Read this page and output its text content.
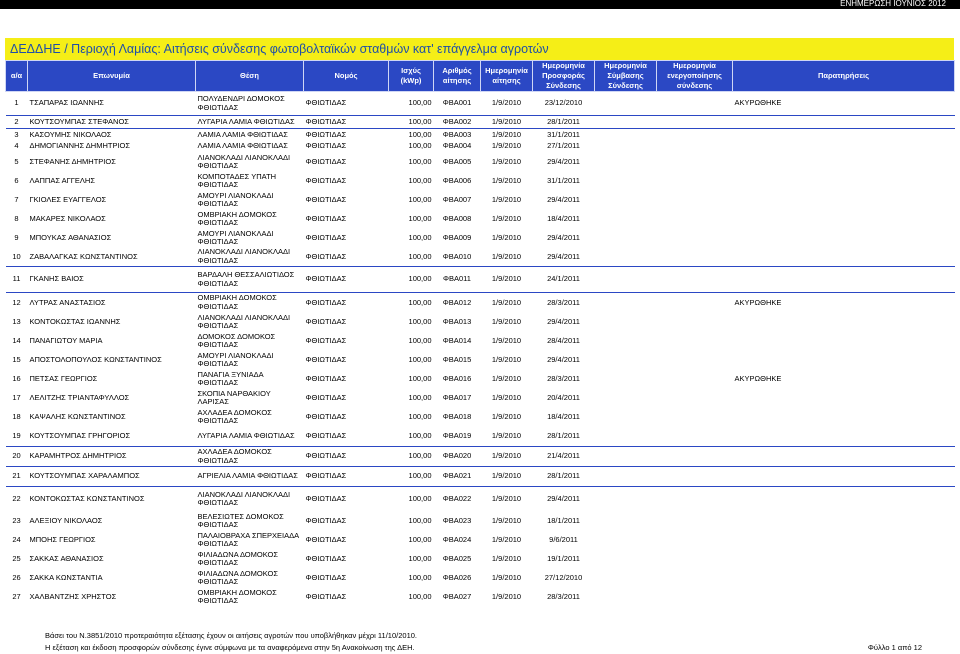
ΕΝΗΜΕΡΩΣΗ ΙΟΥΝΙΟΣ 2012
ΔΕΔΔΗΕ / Περιοχή Λαμίας: Αιτήσεις σύνδεσης φωτοβολταϊκών σταθμών κατ' επάγγελμα αγροτών
α/α	Επωνυμία	Θέση	Νομός	Ισχύς (kWp)	Αριθμός αίτησης	Ημερομηνία αίτησης	Ημερομηνία Προσφοράς Σύνδεσης	Ημερομηνία Σύμβασης Σύνδεσης	Ημερομηνία ενεργοποίησης σύνδεσης	Παρατηρήσεις
1	ΤΣΑΠΑΡΑΣ ΙΩΑΝΝΗΣ	ΠΟΛΥΔΕΝΔΡΙ ΔΟΜΟΚΟΣ ΦΘΙΩΤΙΔΑΣ	ΦΘΙΩΤΙΔΑΣ	100,00	ΦΒΑ001	1/9/2010	23/12/2010			ΑΚΥΡΩΘΗΚΕ
2	ΚΟΥΤΣΟΥΜΠΑΣ ΣΤΕΦΑΝΟΣ	ΛΥΓΑΡΙΑ ΛΑΜΙΑ ΦΘΙΩΤΙΔΑΣ	ΦΘΙΩΤΙΔΑΣ	100,00	ΦΒΑ002	1/9/2010	28/1/2011			
3	ΚΑΣΟΥΜΗΣ ΝΙΚΟΛΑΟΣ	ΛΑΜΙΑ ΛΑΜΙΑ ΦΘΙΩΤΙΔΑΣ	ΦΘΙΩΤΙΔΑΣ	100,00	ΦΒΑ003	1/9/2010	31/1/2011			
4	ΔΗΜΟΓΙΑΝΝΗΣ ΔΗΜΗΤΡΙΟΣ	ΛΑΜΙΑ ΛΑΜΙΑ ΦΘΙΩΤΙΔΑΣ	ΦΘΙΩΤΙΔΑΣ	100,00	ΦΒΑ004	1/9/2010	27/1/2011			
5	ΣΤΕΦΑΝΗΣ ΔΗΜΗΤΡΙΟΣ	ΛΙΑΝΟΚΛΑΔΙ ΛΙΑΝΟΚΛΑΔΙ ΦΘΙΩΤΙΔΑΣ	ΦΘΙΩΤΙΔΑΣ	100,00	ΦΒΑ005	1/9/2010	29/4/2011			
6	ΛΑΠΠΑΣ ΑΓΓΕΛΗΣ	ΚΟΜΠΟΤΑΔΕΣ ΥΠΑΤΗ ΦΘΙΩΤΙΔΑΣ	ΦΘΙΩΤΙΔΑΣ	100,00	ΦΒΑ006	1/9/2010	31/1/2011			
7	ΓΚΙΟΛΕΣ ΕΥΑΓΓΕΛΟΣ	ΑΜΟΥΡΙ ΛΙΑΝΟΚΛΑΔΙ ΦΘΙΩΤΙΔΑΣ	ΦΘΙΩΤΙΔΑΣ	100,00	ΦΒΑ007	1/9/2010	29/4/2011			
8	ΜΑΚΑΡΕΣ ΝΙΚΟΛΑΟΣ	ΟΜΒΡΙΑΚΗ ΔΟΜΟΚΟΣ ΦΘΙΩΤΙΔΑΣ	ΦΘΙΩΤΙΔΑΣ	100,00	ΦΒΑ008	1/9/2010	18/4/2011			
9	ΜΠΟΥΚΑΣ ΑΘΑΝΑΣΙΟΣ	ΑΜΟΥΡΙ ΛΙΑΝΟΚΛΑΔΙ ΦΘΙΩΤΙΔΑΣ	ΦΘΙΩΤΙΔΑΣ	100,00	ΦΒΑ009	1/9/2010	29/4/2011			
10	ΖΑΒΑΛΑΓΚΑΣ ΚΩΝΣΤΑΝΤΙΝΟΣ	ΛΙΑΝΟΚΛΑΔΙ ΛΙΑΝΟΚΛΑΔΙ ΦΘΙΩΤΙΔΑΣ	ΦΘΙΩΤΙΔΑΣ	100,00	ΦΒΑ010	1/9/2010	29/4/2011			
11	ΓΚΑΝΗΣ ΒΑΙΟΣ	ΒΑΡΔΑΛΗ ΘΕΣΣΑΛΙΩΤΙΔΟΣ ΦΘΙΩΤΙΔΑΣ	ΦΘΙΩΤΙΔΑΣ	100,00	ΦΒΑ011	1/9/2010	24/1/2011			
12	ΛΥΤΡΑΣ ΑΝΑΣΤΑΣΙΟΣ	ΟΜΒΡΙΑΚΗ ΔΟΜΟΚΟΣ ΦΘΙΩΤΙΔΑΣ	ΦΘΙΩΤΙΔΑΣ	100,00	ΦΒΑ012	1/9/2010	28/3/2011			ΑΚΥΡΩΘΗΚΕ
13	ΚΟΝΤΟΚΩΣΤΑΣ ΙΩΑΝΝΗΣ	ΛΙΑΝΟΚΛΑΔΙ ΛΙΑΝΟΚΛΑΔΙ ΦΘΙΩΤΙΔΑΣ	ΦΘΙΩΤΙΔΑΣ	100,00	ΦΒΑ013	1/9/2010	29/4/2011			
14	ΠΑΝΑΓΙΩΤΟΥ ΜΑΡΙΑ	ΔΟΜΟΚΟΣ ΔΟΜΟΚΟΣ ΦΘΙΩΤΙΔΑΣ	ΦΘΙΩΤΙΔΑΣ	100,00	ΦΒΑ014	1/9/2010	28/4/2011			
15	ΑΠΟΣΤΟΛΟΠΟΥΛΟΣ ΚΩΝΣΤΑΝΤΙΝΟΣ	ΑΜΟΥΡΙ ΛΙΑΝΟΚΛΑΔΙ ΦΘΙΩΤΙΔΑΣ	ΦΘΙΩΤΙΔΑΣ	100,00	ΦΒΑ015	1/9/2010	29/4/2011			
16	ΠΕΤΣΑΣ ΓΕΩΡΓΙΟΣ	ΠΑΝΑΓΙΑ ΞΥΝΙΑΔΑ ΦΘΙΩΤΙΔΑΣ	ΦΘΙΩΤΙΔΑΣ	100,00	ΦΒΑ016	1/9/2010	28/3/2011			ΑΚΥΡΩΘΗΚΕ
17	ΛΕΛΙΤΖΗΣ ΤΡΙΑΝΤΑΦΥΛΛΟΣ	ΣΚΟΠΙΑ ΝΑΡΘΑΚΙΟΥ ΛΑΡΙΣΑΣ	ΦΘΙΩΤΙΔΑΣ	100,00	ΦΒΑ017	1/9/2010	20/4/2011			
18	ΚΑΨΑΛΗΣ ΚΩΝΣΤΑΝΤΙΝΟΣ	ΑΧΛΑΔΕΑ ΔΟΜΟΚΟΣ ΦΘΙΩΤΙΔΑΣ	ΦΘΙΩΤΙΔΑΣ	100,00	ΦΒΑ018	1/9/2010	18/4/2011			
19	ΚΟΥΤΣΟΥΜΠΑΣ ΓΡΗΓΟΡΙΟΣ	ΛΥΓΑΡΙΑ ΛΑΜΙΑ ΦΘΙΩΤΙΔΑΣ	ΦΘΙΩΤΙΔΑΣ	100,00	ΦΒΑ019	1/9/2010	28/1/2011			
20	ΚΑΡΑΜΗΤΡΟΣ ΔΗΜΗΤΡΙΟΣ	ΑΧΛΑΔΕΑ ΔΟΜΟΚΟΣ ΦΘΙΩΤΙΔΑΣ	ΦΘΙΩΤΙΔΑΣ	100,00	ΦΒΑ020	1/9/2010	21/4/2011			
21	ΚΟΥΤΣΟΥΜΠΑΣ ΧΑΡΑΛΑΜΠΟΣ	ΑΓΡΙΕΛΙΑ ΛΑΜΙΑ ΦΘΙΩΤΙΔΑΣ	ΦΘΙΩΤΙΔΑΣ	100,00	ΦΒΑ021	1/9/2010	28/1/2011			
22	ΚΟΝΤΟΚΩΣΤΑΣ ΚΩΝΣΤΑΝΤΙΝΟΣ	ΛΙΑΝΟΚΛΑΔΙ ΛΙΑΝΟΚΛΑΔΙ ΦΘΙΩΤΙΔΑΣ	ΦΘΙΩΤΙΔΑΣ	100,00	ΦΒΑ022	1/9/2010	29/4/2011			
23	ΑΛΕΞΙΟΥ ΝΙΚΟΛΑΟΣ	ΒΕΛΕΣΙΩΤΕΣ ΔΟΜΟΚΟΣ ΦΘΙΩΤΙΔΑΣ	ΦΘΙΩΤΙΔΑΣ	100,00	ΦΒΑ023	1/9/2010	18/1/2011			
24	ΜΠΟΗΣ ΓΕΩΡΓΙΟΣ	ΠΑΛΑΙΟΒΡΑΧΑ ΣΠΕΡΧΕΙΑΔΑ ΦΘΙΩΤΙΔΑΣ	ΦΘΙΩΤΙΔΑΣ	100,00	ΦΒΑ024	1/9/2010	9/6/2011			
25	ΣΑΚΚΑΣ ΑΘΑΝΑΣΙΟΣ	ΦΙΛΙΑΔΩΝΑ ΔΟΜΟΚΟΣ ΦΘΙΩΤΙΔΑΣ	ΦΘΙΩΤΙΔΑΣ	100,00	ΦΒΑ025	1/9/2010	19/1/2011			
26	ΣΑΚΚΑ ΚΩΝΣΤΑΝΤΙΑ	ΦΙΛΙΑΔΩΝΑ ΔΟΜΟΚΟΣ ΦΘΙΩΤΙΔΑΣ	ΦΘΙΩΤΙΔΑΣ	100,00	ΦΒΑ026	1/9/2010	27/12/2010			
27	ΧΑΛΒΑΝΤΖΗΣ ΧΡΗΣΤΟΣ	ΟΜΒΡΙΑΚΗ ΔΟΜΟΚΟΣ ΦΘΙΩΤΙΔΑΣ	ΦΘΙΩΤΙΔΑΣ	100,00	ΦΒΑ027	1/9/2010	28/3/2011			
Βάσει του Ν.3851/2010 προτεραιότητα εξέτασης έχουν οι αιτήσεις αγροτών που υποβλήθηκαν μέχρι 11/10/2010.
Η εξέταση και έκδοση προσφορών σύνδεσης έγινε σύμφωνα με τα αναφερόμενα στην 5η Ανακοίνωση της ΔΕΗ.	Φύλλο 1 από 12
